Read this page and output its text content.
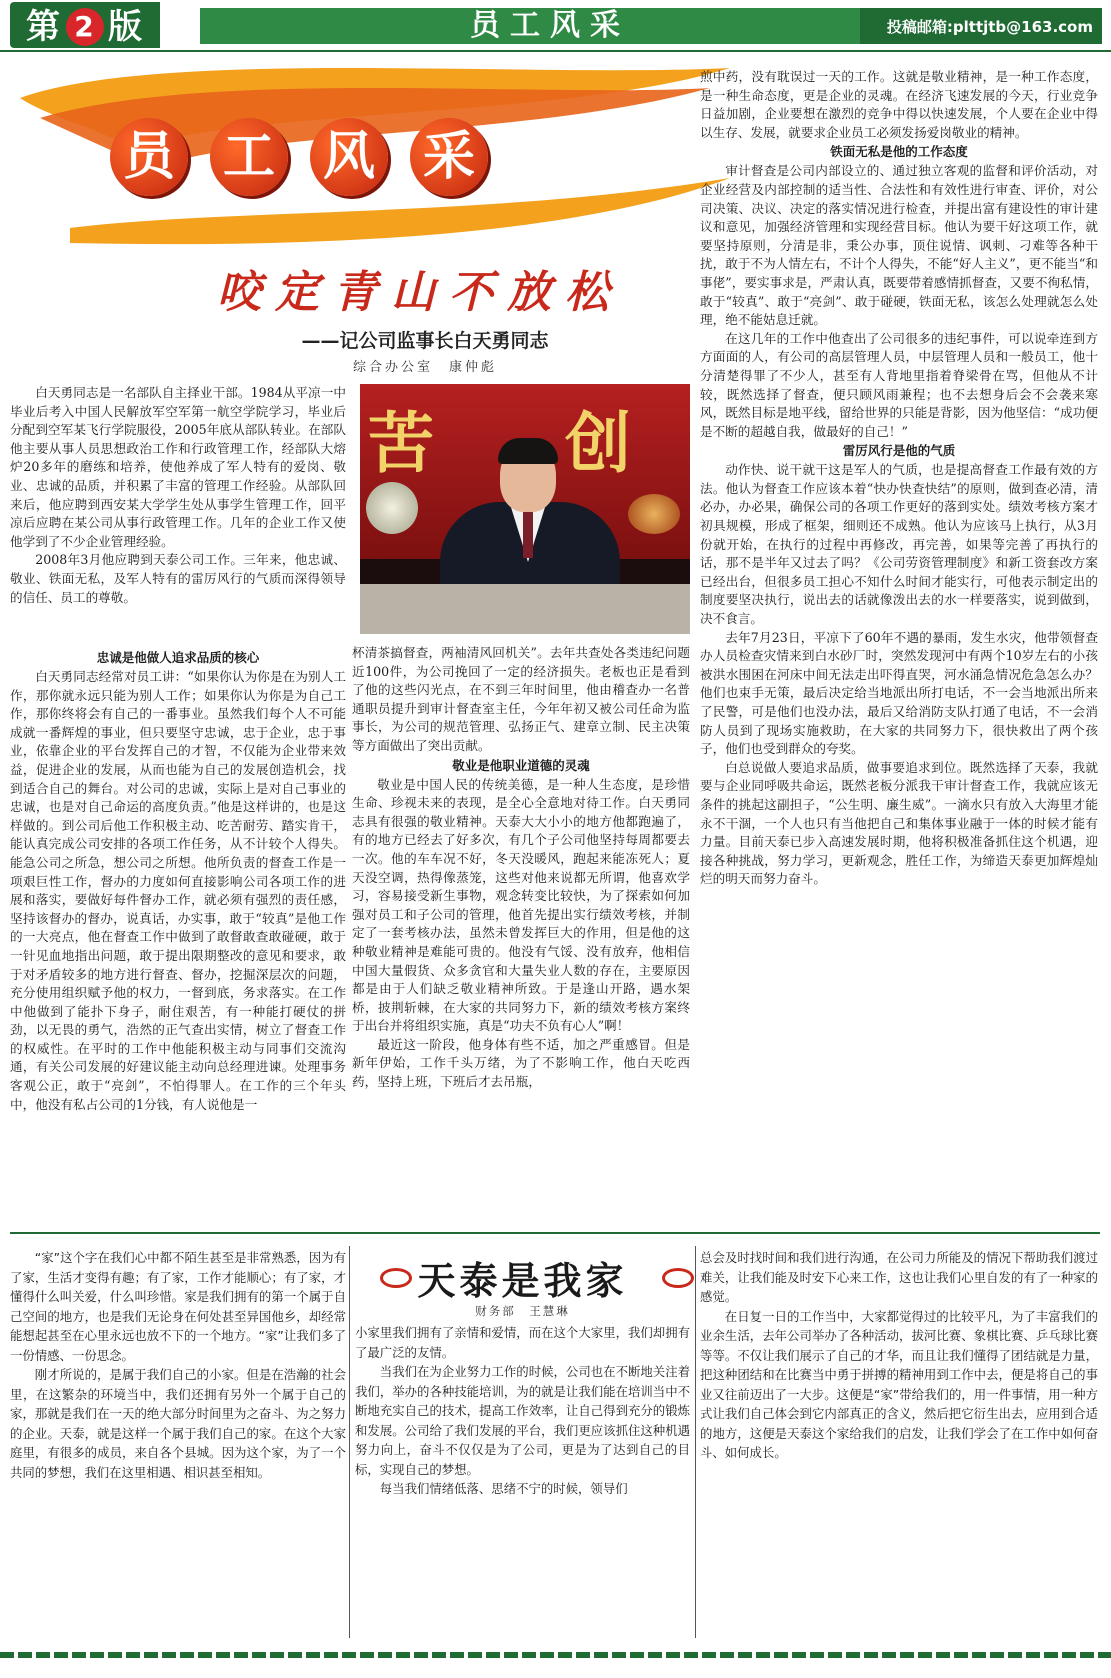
第 2 版	员工风采	投稿邮箱:plttjtb@163.com
员 工 风 采
咬定青山不放松
——记公司监事长白天勇同志
综合办公室　康仲彪

白天勇同志是一名部队自主择业干部。1984从平凉一中毕业后考入中国人民解放军空军第一航空学院学习，毕业后分配到空军某飞行学院服役，2005年底从部队转业。在部队他主要从事人员思想政治工作和行政管理工作，经部队大熔炉20多年的磨练和培养，使他养成了军人特有的爱岗、敬业、忠诚的品质，并积累了丰富的管理工作经验。从部队回来后，他应聘到西安某大学学生处从事学生管理工作，回平凉后应聘在某公司从事行政管理工作。几年的企业工作又使他学到了不少企业管理经验。

2008年3月他应聘到天泰公司工作。三年来，他忠诚、敬业、铁面无私，及军人特有的雷厉风行的气质而深得领导的信任、员工的尊敬。

忠诚是他做人追求品质的核心

白天勇同志经常对员工讲：“如果你认为你是在为别人工作，那你就永远只能为别人工作；如果你认为你是为自己工作，那你终将会有自己的一番事业。虽然我们每个人不可能成就一番辉煌的事业，但只要坚守忠诚，忠于企业，忠于事业，依靠企业的平台发挥自己的才智，不仅能为企业带来效益，促进企业的发展，从而也能为自己的发展创造机会，找到适合自己的舞台。对公司的忠诚，实际上是对自己事业的忠诚，也是对自己命运的高度负责。”他是这样讲的，也是这样做的。到公司后他工作积极主动、吃苦耐劳、踏实肯干，能认真完成公司安排的各项工作任务，从不计较个人得失。能急公司之所急，想公司之所想。他所负责的督查工作是一项艰巨性工作，督办的力度如何直接影响公司各项工作的进展和落实，要做好每件督办工作，就必须有强烈的责任感，坚持该督办的督办，说真话，办实事，敢于“较真”是他工作的一大亮点，他在督查工作中做到了敢督敢查敢碰硬，敢于一针见血地指出问题，敢于提出限期整改的意见和要求，敢于对矛盾较多的地方进行督查、督办，挖掘深层次的问题，充分使用组织赋予他的权力，一督到底，务求落实。在工作中他做到了能扑下身子，耐住艰苦，有一种能打硬仗的拼劲，以无畏的勇气，浩然的正气查出实情，树立了督查工作的权威性。在平时的工作中他能积极主动与同事们交流沟通，有关公司发展的好建议能主动向总经理进谏。处理事务客观公正，敢于“亮剑”，不怕得罪人。在工作的三个年头中，他没有私占公司的1分钱，有人说他是一

苦 创

杯清茶搞督查，两袖清风回机关”。去年共查处各类违纪问题近100件，为公司挽回了一定的经济损失。老板也正是看到了他的这些闪光点，在不到三年时间里，他由稽查办一名普通职员提升到审计督查室主任，今年年初又被公司任命为监事长，为公司的规范管理、弘扬正气、建章立制、民主决策等方面做出了突出贡献。

敬业是他职业道德的灵魂

敬业是中国人民的传统美德，是一种人生态度，是珍惜生命、珍视未来的表现，是全心全意地对待工作。白天勇同志具有很强的敬业精神。天泰大大小小的地方他都跑遍了，有的地方已经去了好多次，有几个子公司他坚持每周都要去一次。他的车车况不好，冬天没暖风，跑起来能冻死人；夏天没空调，热得像蒸笼，这些对他来说都无所谓，他喜欢学习，容易接受新生事物，观念转变比较快，为了探索如何加强对员工和子公司的管理，他首先提出实行绩效考核，并制定了一套考核办法，虽然未曾发挥巨大的作用，但是他的这种敬业精神是难能可贵的。他没有气馁、没有放弃，他相信中国大量假货、众多贪官和大量失业人数的存在，主要原因都是由于人们缺乏敬业精神所致。于是逢山开路，遇水架桥，披荆斩棘，在大家的共同努力下，新的绩效考核方案终于出台并将组织实施，真是“功夫不负有心人”啊！

最近这一阶段，他身体有些不适，加之严重感冒。但是新年伊始，工作千头万绪，为了不影响工作，他白天吃西药，坚持上班，下班后才去吊瓶，

煎中药，没有耽误过一天的工作。这就是敬业精神，是一种工作态度，是一种生命态度，更是企业的灵魂。在经济飞速发展的今天，行业竞争日益加剧，企业要想在激烈的竞争中得以快速发展，个人要在企业中得以生存、发展，就要求企业员工必须发扬爱岗敬业的精神。

铁面无私是他的工作态度

审计督查是公司内部设立的、通过独立客观的监督和评价活动，对企业经营及内部控制的适当性、合法性和有效性进行审查、评价，对公司决策、决议、决定的落实情况进行检查，并提出富有建设性的审计建议和意见，加强经济管理和实现经营目标。他认为要干好这项工作，就要坚持原则，分清是非，秉公办事，顶住说情、讽刺、刁难等各种干扰，敢于不为人情左右，不计个人得失，不能“好人主义”，更不能当“和事佬”，要实事求是，严肃认真，既要带着感情抓督查，又要不徇私情，敢于“较真”、敢于“亮剑”、敢于碰硬，铁面无私，该怎么处理就怎么处理，绝不能姑息迁就。

在这几年的工作中他查出了公司很多的违纪事件，可以说牵连到方方面面的人，有公司的高层管理人员，中层管理人员和一般员工，他十分清楚得罪了不少人，甚至有人背地里指着脊梁骨在骂，但他从不计较，既然选择了督查，便只顾风雨兼程；也不去想身后会不会袭来寒风，既然目标是地平线，留给世界的只能是背影，因为他坚信：“成功便是不断的超越自我，做最好的自己！”

雷厉风行是他的气质

动作快、说干就干这是军人的气质，也是提高督查工作最有效的方法。他认为督查工作应该本着“快办快查快结”的原则，做到查必清，清必办，办必果，确保公司的各项工作更好的落到实处。绩效考核方案才初具规模，形成了框架，细则还不成熟。他认为应该马上执行，从3月份就开始，在执行的过程中再修改，再完善，如果等完善了再执行的话，那不是半年又过去了吗？《公司劳资管理制度》和新工资套改方案已经出台，但很多员工担心不知什么时间才能实行，可他表示制定出的制度要坚决执行，说出去的话就像泼出去的水一样要落实，说到做到，决不食言。

去年7月23日，平凉下了60年不遇的暴雨，发生水灾，他带领督查办人员检查灾情来到白水砂厂时，突然发现河中有两个10岁左右的小孩被洪水围困在河床中间无法走出吓得直哭，河水涌急情况危急怎么办？他们也束手无策，最后决定给当地派出所打电话，不一会当地派出所来了民警，可是他们也没办法，最后又给消防支队打通了电话，不一会消防人员到了现场实施救助，在大家的共同努力下，很快救出了两个孩子，他们也受到群众的夸奖。

白总说做人要追求品质，做事要追求到位。既然选择了天泰，我就要与企业同呼吸共命运，既然老板分派我干审计督查工作，我就应该无条件的挑起这副担子，“公生明、廉生威”。一滴水只有放入大海里才能永不干涸，一个人也只有当他把自己和集体事业融于一体的时候才能有力量。目前天泰已步入高速发展时期，他将积极准备抓住这个机遇，迎接各种挑战，努力学习，更新观念，胜任工作，为缔造天泰更加辉煌灿烂的明天而努力奋斗。

天泰是我家
财务部　王慧琳

“家”这个字在我们心中都不陌生甚至是非常熟悉，因为有了家，生活才变得有趣；有了家，工作才能顺心；有了家，才懂得什么叫关爱，什么叫珍惜。家是我们拥有的第一个属于自己空间的地方，也是我们无论身在何处甚至异国他乡，却经常能想起甚至在心里永远也放不下的一个地方。“家”让我们多了一份情感、一份思念。

刚才所说的，是属于我们自己的小家。但是在浩瀚的社会里，在这繁杂的环境当中，我们还拥有另外一个属于自己的家，那就是我们在一天的绝大部分时间里为之奋斗、为之努力的企业。天泰，就是这样一个属于我们自己的家。在这个大家庭里，有很多的成员，来自各个县城。因为这个家，为了一个共同的梦想，我们在这里相遇、相识甚至相知。

小家里我们拥有了亲情和爱情，而在这个大家里，我们却拥有了最广泛的友情。

当我们在为企业努力工作的时候，公司也在不断地关注着我们，举办的各种技能培训，为的就是让我们能在培训当中不断地充实自己的技术，提高工作效率，让自己得到充分的锻炼和发展。公司给了我们发展的平台，我们更应该抓住这种机遇努力向上，奋斗不仅仅是为了公司，更是为了达到自己的目标，实现自己的梦想。

每当我们情绪低落、思绪不宁的时候，领导们

总会及时找时间和我们进行沟通，在公司力所能及的情况下帮助我们渡过难关，让我们能及时安下心来工作，这也让我们心里自发的有了一种家的感觉。

在日复一日的工作当中，大家都觉得过的比较平凡，为了丰富我们的业余生活，去年公司举办了各种活动，拔河比赛、象棋比赛、乒乓球比赛等等。不仅让我们展示了自己的才华，而且让我们懂得了团结就是力量，把这种团结和在比赛当中勇于拼搏的精神用到工作中去，便是将自己的事业又往前迈出了一大步。这便是“家”带给我们的，用一件事情，用一种方式让我们自己体会到它内部真正的含义，然后把它衍生出去，应用到合适的地方，这便是天泰这个家给我们的启发，让我们学会了在工作中如何奋斗、如何成长。
